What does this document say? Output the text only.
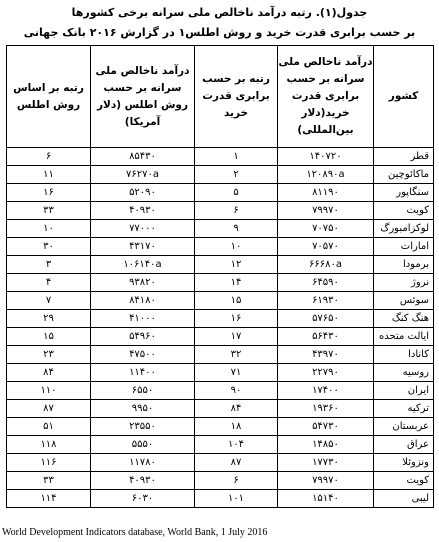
جدول(۱). رتبه درآمد ناخالص ملی سرانه برخی کشورها
بر حسب برابری قدرت خرید و روش اطلس۱ در گزارش ۲۰۱۶ بانک جهانی
کشور	درآمد ناخالص ملی سرانه بر حسب برابری قدرت خرید(دلار بین‌المللی)	رتبه بر حسب برابری قدرت خرید	درآمد ناخالص ملی سرانه بر حسب روش اطلس (دلار آمریکا)	رتبه بر اساس روش اطلس
قطر	۱۴۰۷۲۰	۱	۸۵۴۳۰	۶
ماکائوچین	۱۲۰۸۹۰a	۲	۷۶۲۷۰a	۱۱
سنگاپور	۸۱۱۹۰	۵	۵۲۰۹۰	۱۶
کویت	۷۹۹۷۰	۶	۴۰۹۳۰	۳۳
لوکزامبورگ	۷۰۷۵۰	۹	۷۷۰۰۰	۱۰
امارات	۷۰۵۷۰	۱۰	۴۳۱۷۰	۳۰
برمودا	۶۶۶۸۰a	۱۲	۱۰۶۱۴۰a	۳
نروژ	۶۴۵۹۰	۱۴	۹۳۸۲۰	۴
سوئس	۶۱۹۳۰	۱۵	۸۴۱۸۰	۷
هنگ کنگ	۵۷۶۵۰	۱۶	۴۱۰۰۰	۲۹
ایالت متحده	۵۶۴۳۰	۱۷	۵۴۹۶۰	۱۵
کانادا	۴۳۹۷۰	۳۲	۴۷۵۰۰	۲۳
روسیه	۲۲۷۹۰	۷۱	۱۱۴۰۰	۸۴
ایران	۱۷۴۰۰	۹۰	۶۵۵۰	۱۱۰
ترکیه	۱۹۳۶۰	۸۴	۹۹۵۰	۸۷
عربستان	۵۴۷۳۰	۱۸	۲۳۵۵۰	۵۱
عراق	۱۴۸۵۰	۱۰۴	۵۵۵۰	۱۱۸
ونزوئلا	۱۷۷۳۰	۸۷	۱۱۷۸۰	۱۱۶
کویت	۷۹۹۷۰	۶	۴۰۹۳۰	۳۳
لیبی	۱۵۱۴۰	۱۰۱	۶۰۳۰	۱۱۴
World Development Indicators database, World Bank, 1 July 2016
